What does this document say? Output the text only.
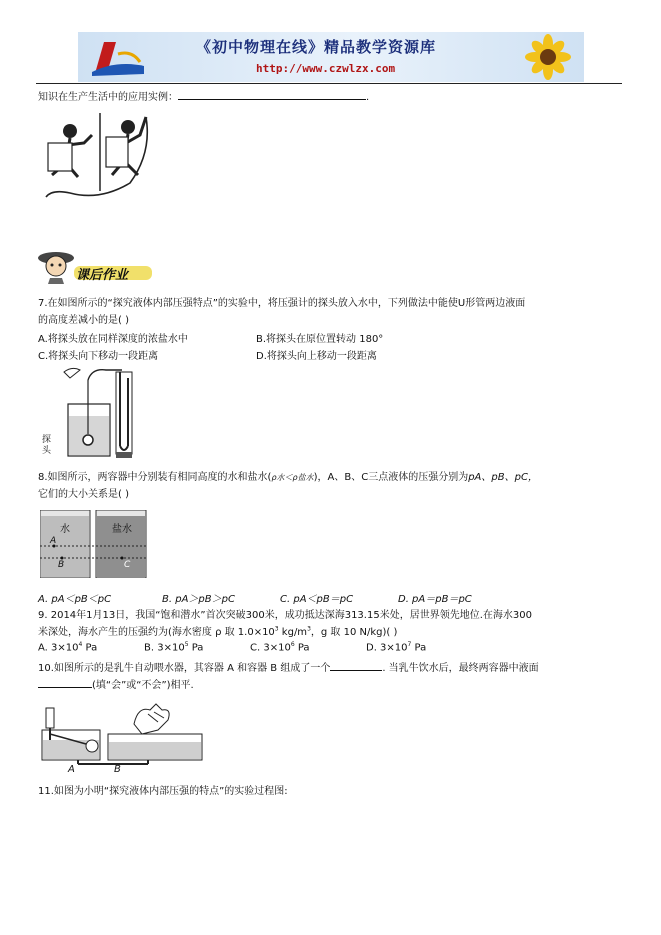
《初中物理在线》精品教学资源库
http://www.czwlzx.com
知识在生产生活中的应用实例：	.
课后作业
7.在如图所示的“探究液体内部压强特点”的实验中，将压强计的探头放入水中，下列做法中能使U形管两边液面
的高度差减小的是( )
A.将探头放在同样深度的浓盐水中	B.将探头在原位置转动 180°
C.将探头向下移动一段距离	D.将探头向上移动一段距离
探头
8.如图所示，两容器中分别装有相同高度的水和盐水(ρ水＜ρ盐水)，A、B、C三点液体的压强分别为pA、pB、pC，
它们的大小关系是( )
水	盐水
A
B	C
A. pA＜pB＜pC	B. pA＞pB＞pC	C. pA＜pB＝pC	D. pA＝pB＝pC
9. 2014年1月13日，我国“饱和潜水”首次突破300米，成功抵达深海313.15米处，居世界领先地位.在海水300
米深处，海水产生的压强约为(海水密度 ρ 取 $1.0\times 10^3$ $kg/m^3$，g 取 10 N/kg)( )
A. $3\times 10^4$ Pa	B. $3\times 10^5$ Pa	C. $3\times 10^6$ Pa	D. $3\times 10^7$ Pa
10.如图所示的是乳牛自动喂水器，其容器 A 和容器 B 组成了一个	. 当乳牛饮水后，最终两容器中液面
(填“会”或“不会”)相平.
A	B
11.如图为小明“探究液体内部压强的特点”的实验过程图:
